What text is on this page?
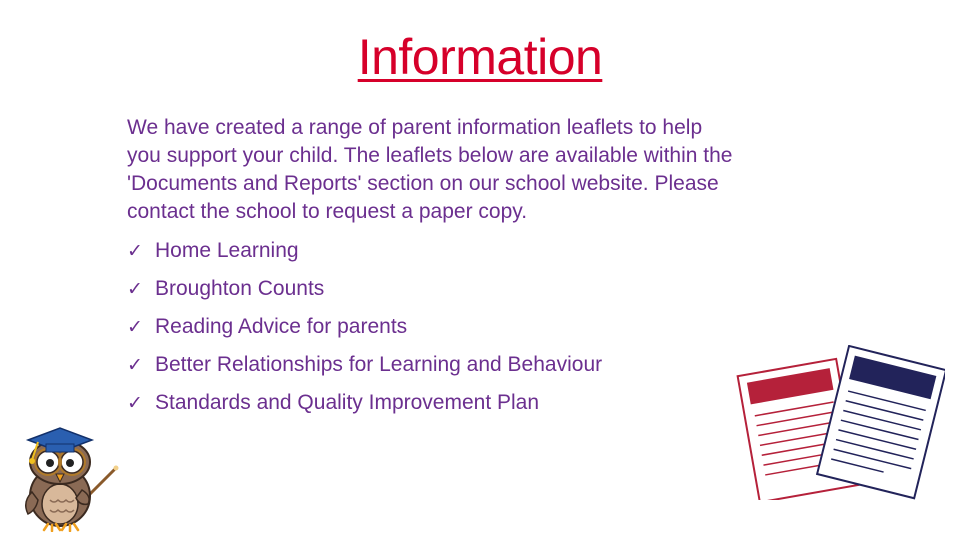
Information

We have created a range of parent information leaflets to help
you support your child. The leaflets below are available within the
'Documents and Reports' section on our school website. Please
contact the school to request a paper copy.

✓ Home Learning
✓ Broughton Counts
✓ Reading Advice for parents
✓ Better Relationships for Learning and Behaviour
✓ Standards and Quality Improvement Plan
